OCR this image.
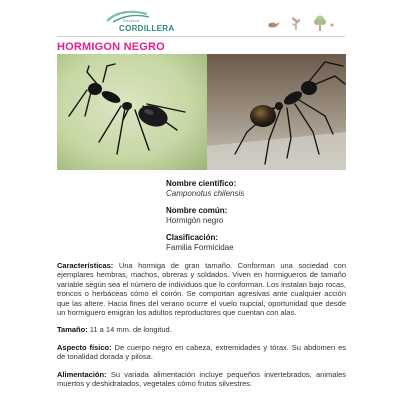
Reserva
CORDILLERA
HORMIGON NEGRO
Nombre científico:
Camponotus chilensis
Nombre común:
Hormigón negro
Clasificación:
Familia Formicidae

Características: Una hormiga de gran tamaño. Conforman una sociedad con ejemplares hembras, machos, obreras y soldados. Viven en hormigueros de tamaño variable según sea el número de individuos que lo conforman. Los instalan bajo rocas, troncos o herbáceas cómo el coirón. Se comportan agresivas ante cualquier acción que las altere. Hacia fines del verano ocurre el vuelo nupcial, oportunidad que desde un hormiguero emigran los adultos reproductores que cuentan con alas.

Tamaño: 11 a 14 mm. de longitud.

Aspecto físico: De cuerpo negro en cabeza, extremidades y tórax. Su abdomen es de tonalidad dorada y pilosa.

Alimentación: Su variada alimentación incluye pequeños invertebrados, animales muertos y deshidratados, vegetales cómo frutos silvestres.
